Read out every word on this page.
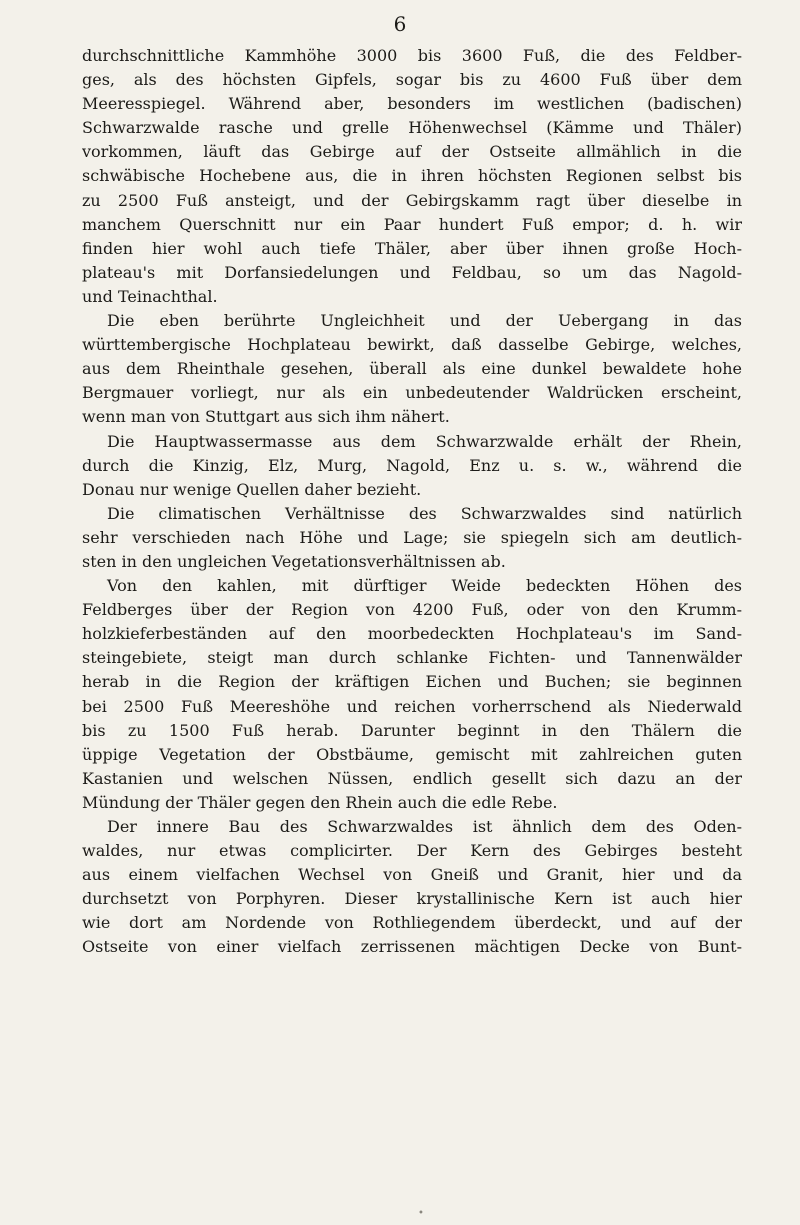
6
durchschnittliche Kammhöhe 3000 bis 3600 Fuß, die des Feldber-
ges, als des höchsten Gipfels, sogar bis zu 4600 Fuß über dem
Meeresspiegel. Während aber, besonders im westlichen (badischen)
Schwarzwalde rasche und grelle Höhenwechsel (Kämme und Thäler)
vorkommen, läuft das Gebirge auf der Ostseite allmählich in die
schwäbische Hochebene aus, die in ihren höchsten Regionen selbst bis
zu 2500 Fuß ansteigt, und der Gebirgskamm ragt über dieselbe in
manchem Querschnitt nur ein Paar hundert Fuß empor; d. h. wir
finden hier wohl auch tiefe Thäler, aber über ihnen große Hoch-
plateau's mit Dorfansiedelungen und Feldbau, so um das Nagold-
und Teinachthal.
Die eben berührte Ungleichheit und der Uebergang in das
württembergische Hochplateau bewirkt, daß dasselbe Gebirge, welches,
aus dem Rheinthale gesehen, überall als eine dunkel bewaldete hohe
Bergmauer vorliegt, nur als ein unbedeutender Waldrücken erscheint,
wenn man von Stuttgart aus sich ihm nähert.
Die Hauptwassermasse aus dem Schwarzwalde erhält der Rhein,
durch die Kinzig, Elz, Murg, Nagold, Enz u. s. w., während die
Donau nur wenige Quellen daher bezieht.
Die climatischen Verhältnisse des Schwarzwaldes sind natürlich
sehr verschieden nach Höhe und Lage; sie spiegeln sich am deutlich-
sten in den ungleichen Vegetationsverhältnissen ab.
Von den kahlen, mit dürftiger Weide bedeckten Höhen des
Feldberges über der Region von 4200 Fuß, oder von den Krumm-
holzkieferbeständen auf den moorbedeckten Hochplateau's im Sand-
steingebiete, steigt man durch schlanke Fichten- und Tannenwälder
herab in die Region der kräftigen Eichen und Buchen; sie beginnen
bei 2500 Fuß Meereshöhe und reichen vorherrschend als Niederwald
bis zu 1500 Fuß herab. Darunter beginnt in den Thälern die
üppige Vegetation der Obstbäume, gemischt mit zahlreichen guten
Kastanien und welschen Nüssen, endlich gesellt sich dazu an der
Mündung der Thäler gegen den Rhein auch die edle Rebe.
Der innere Bau des Schwarzwaldes ist ähnlich dem des Oden-
waldes, nur etwas complicirter. Der Kern des Gebirges besteht
aus einem vielfachen Wechsel von Gneiß und Granit, hier und da
durchsetzt von Porphyren. Dieser krystallinische Kern ist auch hier
wie dort am Nordende von Rothliegendem überdeckt, und auf der
Ostseite von einer vielfach zerrissenen mächtigen Decke von Bunt-
•
